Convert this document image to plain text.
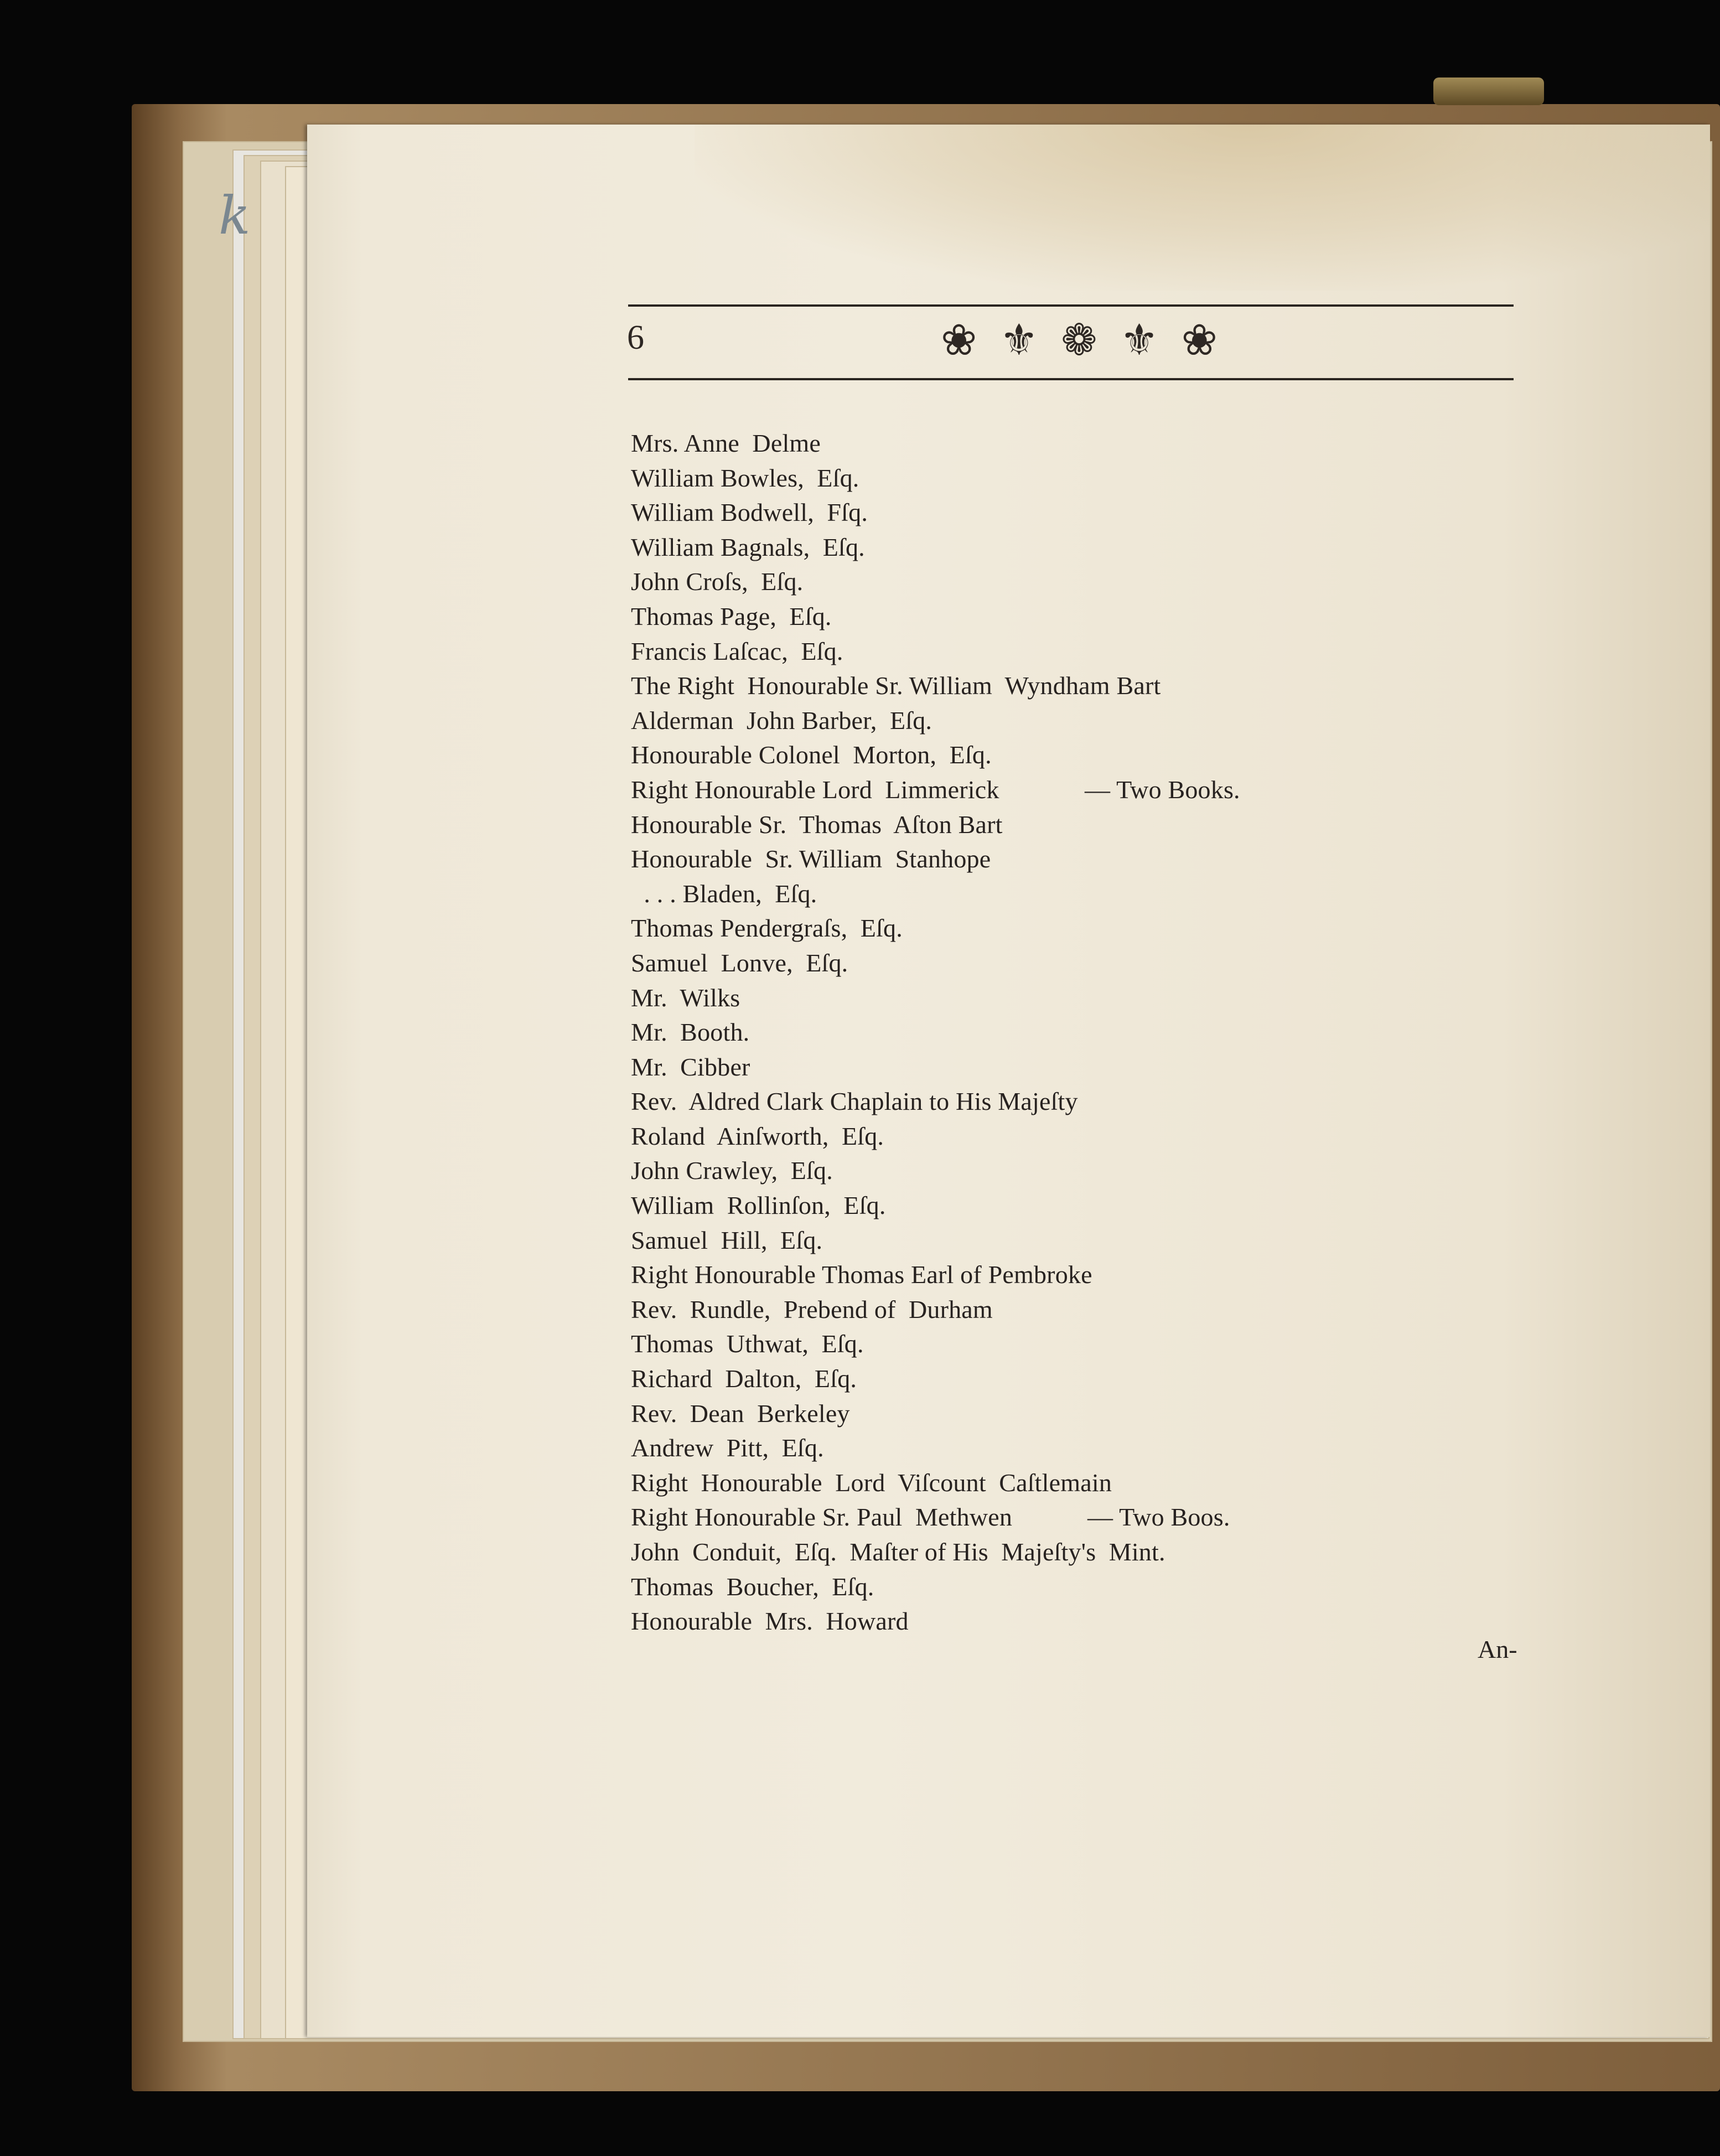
k
6	❀ ⚜ ❁ ⚜ ❀
Mrs. Anne  Delme
William Bowles,  Eſq.
William Bodwell,  Fſq.
William Bagnals,  Eſq.
John Croſs,  Eſq.
Thomas Page,  Eſq.
Francis Laſcac,  Eſq.
The Right  Honourable Sr. William  Wyndham Bart
Alderman  John Barber,  Eſq.
Honourable Colonel  Morton,  Eſq.
Right Honourable Lord  Limmerick	— Two Books.
Honourable Sr.  Thomas  Aſton Bart
Honourable  Sr. William  Stanhope
. . . Bladen,  Eſq.
Thomas Pendergraſs,  Eſq.
Samuel  Lonve,  Eſq.
Mr.  Wilks
Mr.  Booth.
Mr.  Cibber
Rev.  Aldred Clark Chaplain to His Majeſty
Roland  Ainſworth,  Eſq.
John Crawley,  Eſq.
William  Rollinſon,  Eſq.
Samuel  Hill,  Eſq.
Right Honourable Thomas Earl of Pembroke
Rev.  Rundle,  Prebend of  Durham
Thomas  Uthwat,  Eſq.
Richard  Dalton,  Eſq.
Rev.  Dean  Berkeley
Andrew  Pitt,  Eſq.
Right  Honourable  Lord  Viſcount  Caſtlemain
Right Honourable Sr. Paul  Methwen	— Two Boos.
John  Conduit,  Eſq.  Maſter of His  Majeſty's  Mint.
Thomas  Boucher,  Eſq.
Honourable  Mrs.  Howard
An-
